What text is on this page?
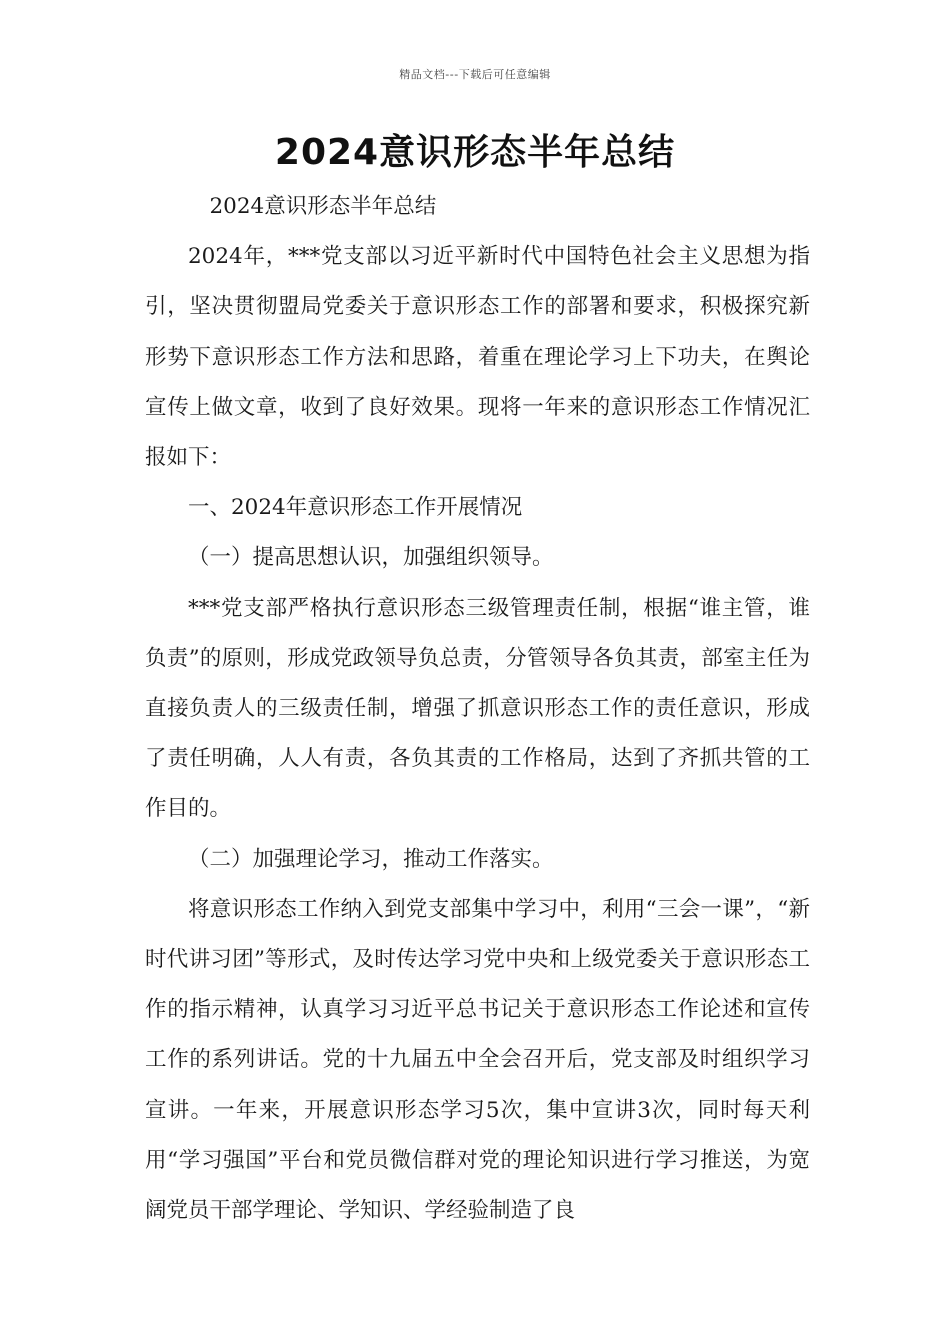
精品文档---下载后可任意编辑
2024意识形态半年总结

2024意识形态半年总结

2024年，***党支部以习近平新时代中国特色社会主义思想为指引，坚决贯彻盟局党委关于意识形态工作的部署和要求，积极探究新形势下意识形态工作方法和思路，着重在理论学习上下功夫，在舆论宣传上做文章，收到了良好效果。现将一年来的意识形态工作情况汇报如下：

一、2024年意识形态工作开展情况

（一）提高思想认识，加强组织领导。

***党支部严格执行意识形态三级管理责任制，根据“谁主管，谁负责”的原则，形成党政领导负总责，分管领导各负其责，部室主任为直接负责人的三级责任制，增强了抓意识形态工作的责任意识，形成了责任明确，人人有责，各负其责的工作格局，达到了齐抓共管的工作目的。

（二）加强理论学习，推动工作落实。

将意识形态工作纳入到党支部集中学习中，利用“三会一课”，“新时代讲习团”等形式，及时传达学习党中央和上级党委关于意识形态工作的指示精神，认真学习习近平总书记关于意识形态工作论述和宣传工作的系列讲话。党的十九届五中全会召开后，党支部及时组织学习宣讲。一年来，开展意识形态学习5次，集中宣讲3次，同时每天利用“学习强国”平台和党员微信群对党的理论知识进行学习推送，为宽阔党员干部学理论、学知识、学经验制造了良
